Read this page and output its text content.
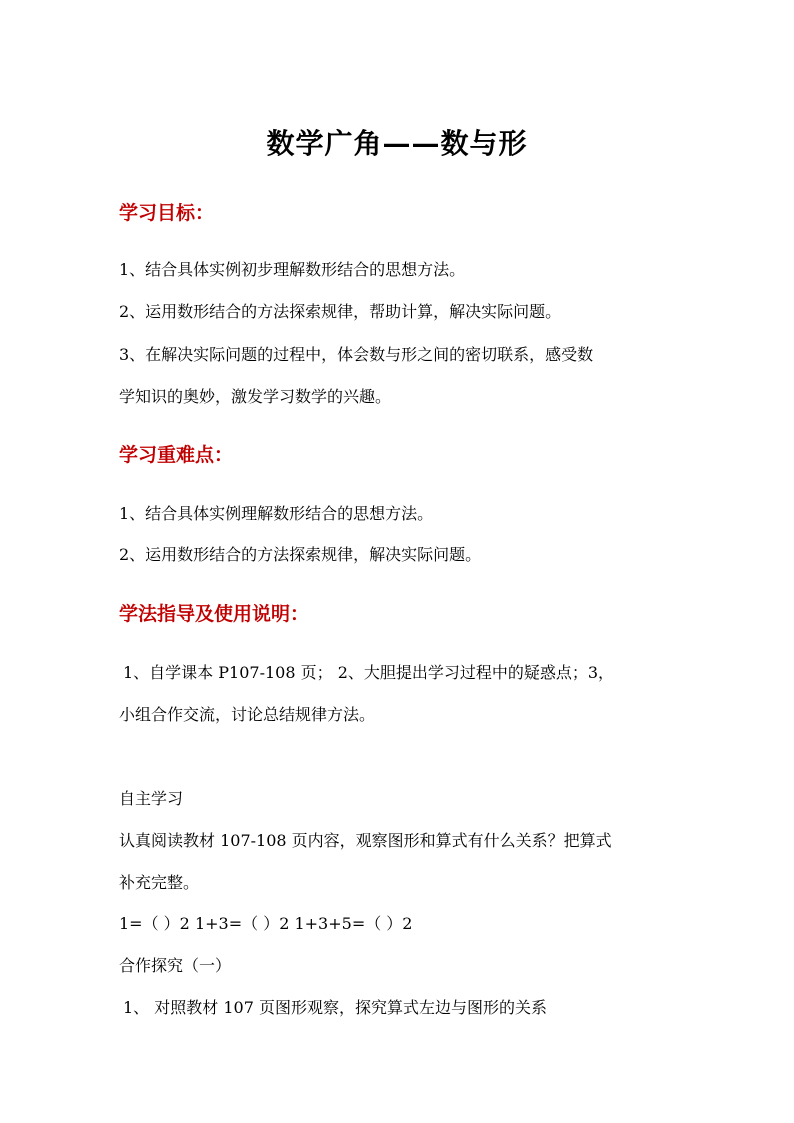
数学广角——数与形
学习目标：

1、结合具体实例初步理解数形结合的思想方法。

2、运用数形结合的方法探索规律，帮助计算，解决实际问题。

3、在解决实际问题的过程中，体会数与形之间的密切联系，感受数

学知识的奥妙，激发学习数学的兴趣。

学习重难点：

1、结合具体实例理解数形结合的思想方法。

2、运用数形结合的方法探索规律，解决实际问题。

学法指导及使用说明：

1、自学课本 P107-108 页； 2、大胆提出学习过程中的疑惑点；3，

小组合作交流，讨论总结规律方法。

自主学习

认真阅读教材 107-108 页内容，观察图形和算式有什么关系？把算式

补充完整。

1=（ ）2 1+3=（ ）2 1+3+5=（ ）2

合作探究（一）

1、 对照教材 107 页图形观察，探究算式左边与图形的关系
